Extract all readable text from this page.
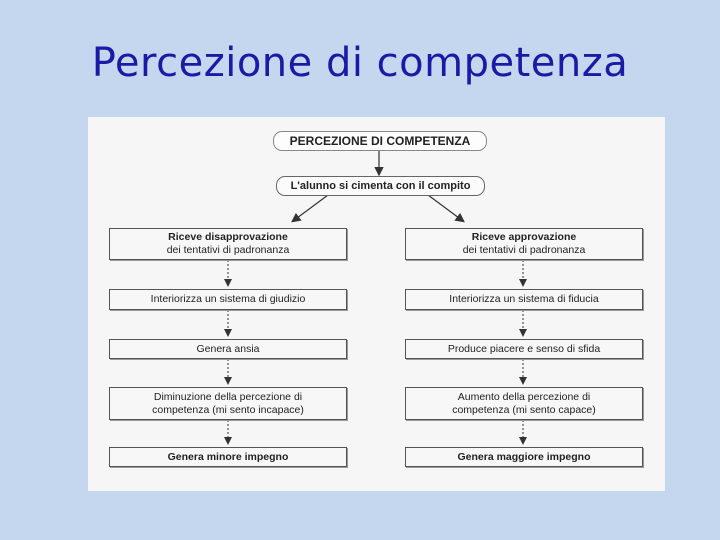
Percezione di competenza
PERCEZIONE DI COMPETENZA
L'alunno si cimenta con il compito
Riceve disapprovazione
dei tentativi di padronanza
Interiorizza un sistema di giudizio
Genera ansia
Diminuzione della percezione di competenza (mi sento incapace)
Genera minore impegno
Riceve approvazione
dei tentativi di padronanza
Interiorizza un sistema di fiducia
Produce piacere e senso di sfida
Aumento della percezione di competenza (mi sento capace)
Genera maggiore impegno
